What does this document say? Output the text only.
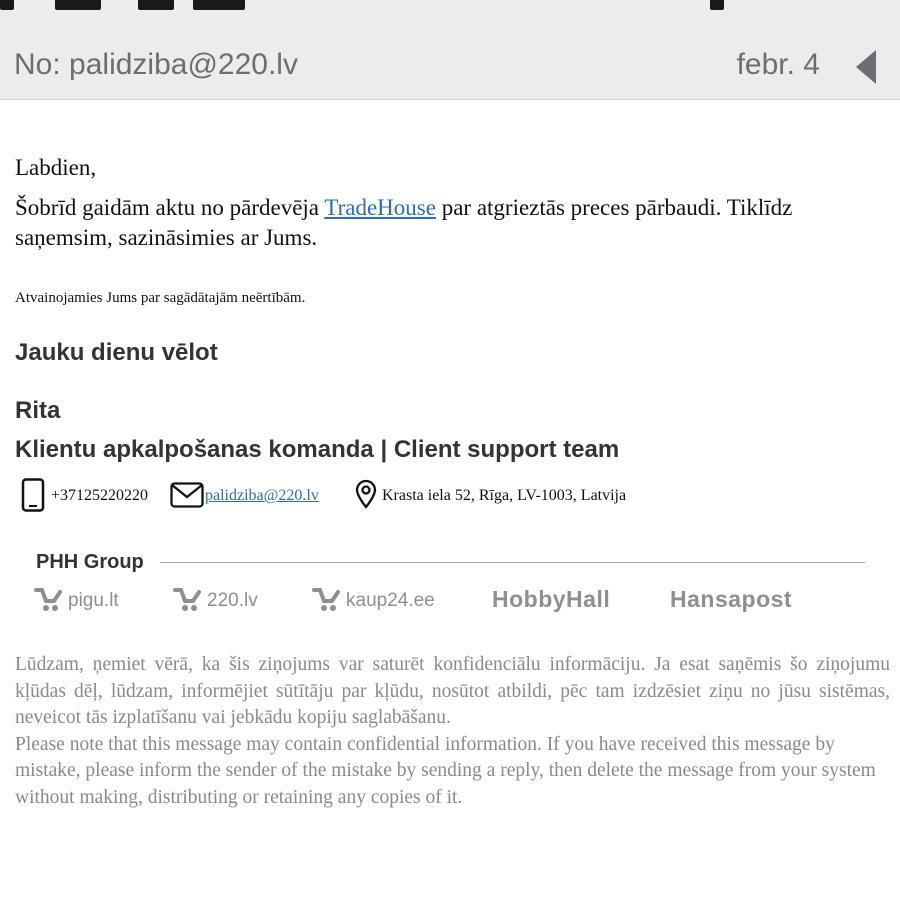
No: palidziba@220.lv	febr. 4
Labdien,
Šobrīd gaidām aktu no pārdevēja TradeHouse par atgrieztās preces pārbaudi. Tiklīdz saņemsim, sazināsimies ar Jums.
Atvainojamies Jums par sagādātajām neērtībām.
Jauku dienu vēlot
Rita
Klientu apkalpošanas komanda | Client support team
+37125220220	palidziba@220.lv	Krasta iela 52, Rīga, LV-1003, Latvija
PHH Group
pigu.lt	220.lv	kaup24.ee HobbyHall	Hansapost

Lūdzam, ņemiet vērā, ka šis ziņojums var saturēt konfidenciālu informāciju. Ja esat saņēmis šo ziņojumu kļūdas dēļ, lūdzam, informējiet sūtītāju par kļūdu, nosūtot atbildi, pēc tam izdzēsiet ziņu no jūsu sistēmas, neveicot tās izplatīšanu vai jebkādu kopiju saglabāšanu.

Please note that this message may contain confidential information. If you have received this message by mistake, please inform the sender of the mistake by sending a reply, then delete the message from your system without making, distributing or retaining any copies of it.
